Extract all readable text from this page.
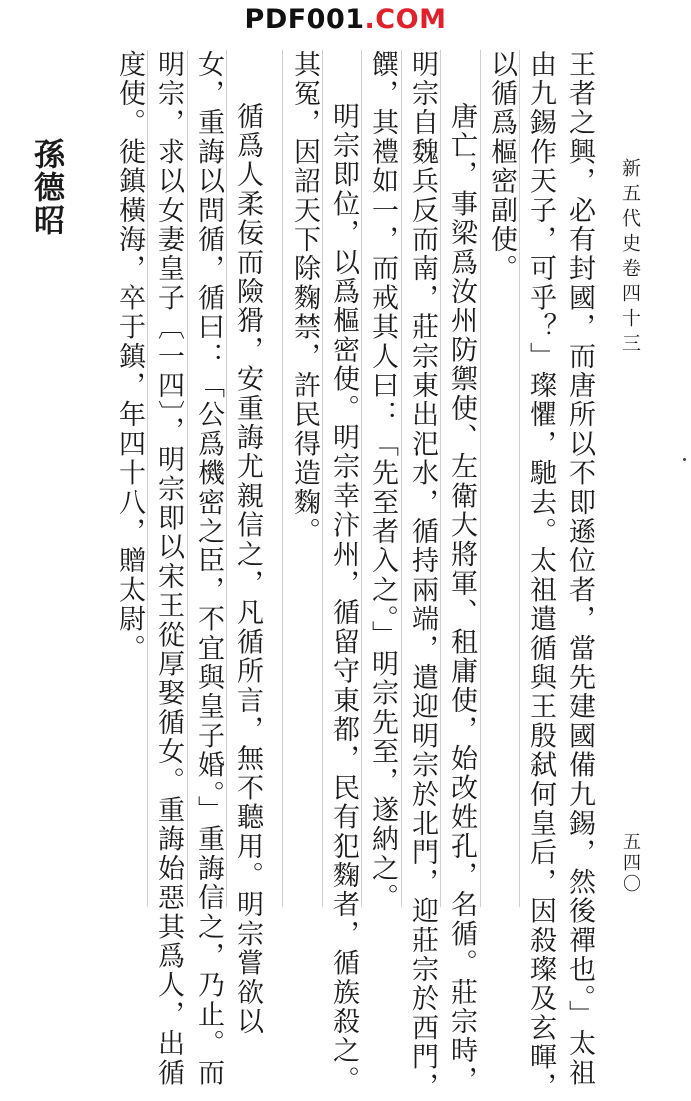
PDF001.COM
新五代史卷四十三
五四〇
王者之興，必有封國，而唐所以不即遜位者，當先建國備九錫，然後禪也。」太祖
由九錫作天子，可乎？」璨懼，馳去。太祖遣循與王殷弑何皇后，因殺璨及玄暉，
以循爲樞密副使。
唐亡，事梁爲汝州防禦使、左衛大將軍、租庸使，始改姓孔，名循。莊宗時，
明宗自魏兵反而南，莊宗東出汜水，循持兩端，遣迎明宗於北門，迎莊宗於西門，
饌，其禮如一，而戒其人曰：「先至者入之。」明宗先至，遂納之。
明宗即位，以爲樞密使。明宗幸汴州，循留守東都，民有犯麴者，循族殺之。
其冤，因詔天下除麴禁，許民得造麴。
循爲人柔佞而險猾，安重誨尤親信之，凡循所言，無不聽用。明宗嘗欲以
女，重誨以問循，循曰：「公爲機密之臣，不宜與皇子婚。」重誨信之，乃止。而
明宗，求以女妻皇子〔一四〕，明宗即以宋王從厚娶循女。重誨始惡其爲人，出循
度使。徙鎮橫海，卒于鎮，年四十八，贈太尉。
孫德昭
